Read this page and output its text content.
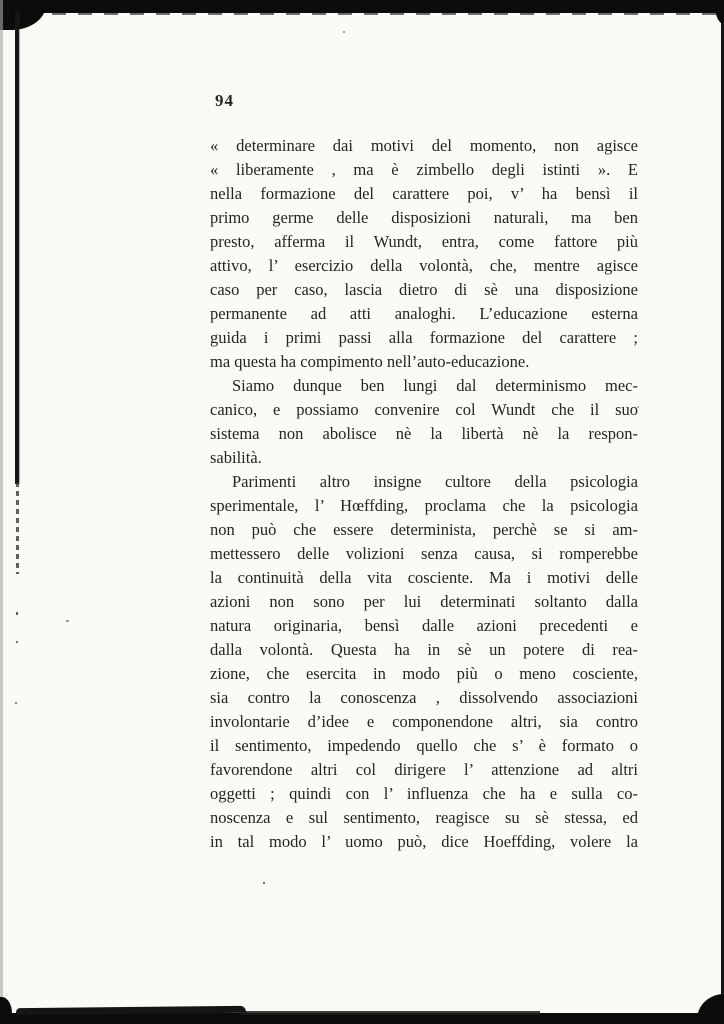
94
« determinare dai motivi del momento, non agisce
« liberamente , ma è zimbello degli istinti ». E
nella formazione del carattere poi, v’ ha bensì il
primo germe delle disposizioni naturali, ma ben
presto, afferma il Wundt, entra, come fattore più
attivo, l’ esercizio della volontà, che, mentre agisce
caso per caso, lascia dietro di sè una disposizione
permanente ad atti analoghi. L’educazione esterna
guida i primi passi alla formazione del carattere ;
ma questa ha compimento nell’auto-educazione.
Siamo dunque ben lungi dal determinismo mec-
canico, e possiamo convenire col Wundt che il suo
sistema non abolisce nè la libertà nè la respon-
sabilità.
Parimenti altro insigne cultore della psicologia
sperimentale, l’ Hœffding, proclama che la psicologia
non può che essere determinista, perchè se si am-
mettessero delle volizioni senza causa, si romperebbe
la continuità della vita cosciente. Ma i motivi delle
azioni non sono per lui determinati soltanto dalla
natura originaria, bensì dalle azioni precedenti e
dalla volontà. Questa ha in sè un potere di rea-
zione, che esercita in modo più o meno cosciente,
sia contro la conoscenza , dissolvendo associazioni
involontarie d’idee e componendone altri, sia contro
il sentimento, impedendo quello che s’ è formato o
favorendone altri col dirigere l’ attenzione ad altri
oggetti ; quindi con l’ influenza che ha e sulla co-
noscenza e sul sentimento, reagisce su sè stessa, ed
in tal modo l’ uomo può, dice Hoeffding, volere la
